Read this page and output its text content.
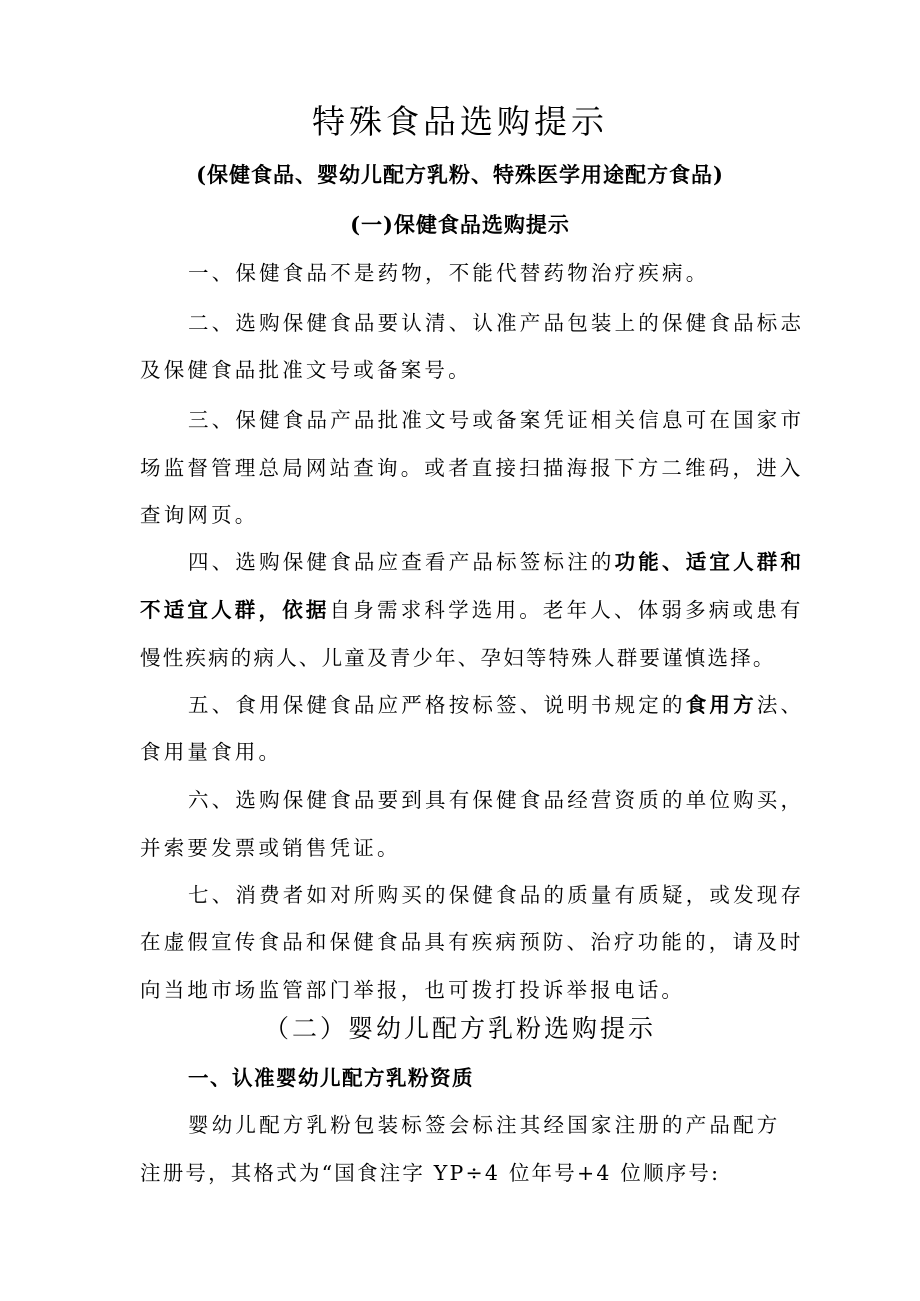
特殊食品选购提示
(保健食品、婴幼儿配方乳粉、特殊医学用途配方食品)
(一)保健食品选购提示
一、保健食品不是药物，不能代替药物治疗疾病。
二、选购保健食品要认清、认准产品包装上的保健食品标志
及保健食品批准文号或备案号。
三、保健食品产品批准文号或备案凭证相关信息可在国家市
场监督管理总局网站查询。或者直接扫描海报下方二维码，进入
查询网页。
四、选购保健食品应查看产品标签标注的功能、适宜人群和
不适宜人群，依据自身需求科学选用。老年人、体弱多病或患有
慢性疾病的病人、儿童及青少年、孕妇等特殊人群要谨慎选择。
五、食用保健食品应严格按标签、说明书规定的食用方法、
食用量食用。
六、选购保健食品要到具有保健食品经营资质的单位购买，
并索要发票或销售凭证。
七、消费者如对所购买的保健食品的质量有质疑，或发现存
在虚假宣传食品和保健食品具有疾病预防、治疗功能的，请及时
向当地市场监管部门举报，也可拨打投诉举报电话。
（二）婴幼儿配方乳粉选购提示
一、认准婴幼儿配方乳粉资质
婴幼儿配方乳粉包装标签会标注其经国家注册的产品配方
注册号，其格式为“国食注字 YP÷4 位年号+4 位顺序号:
